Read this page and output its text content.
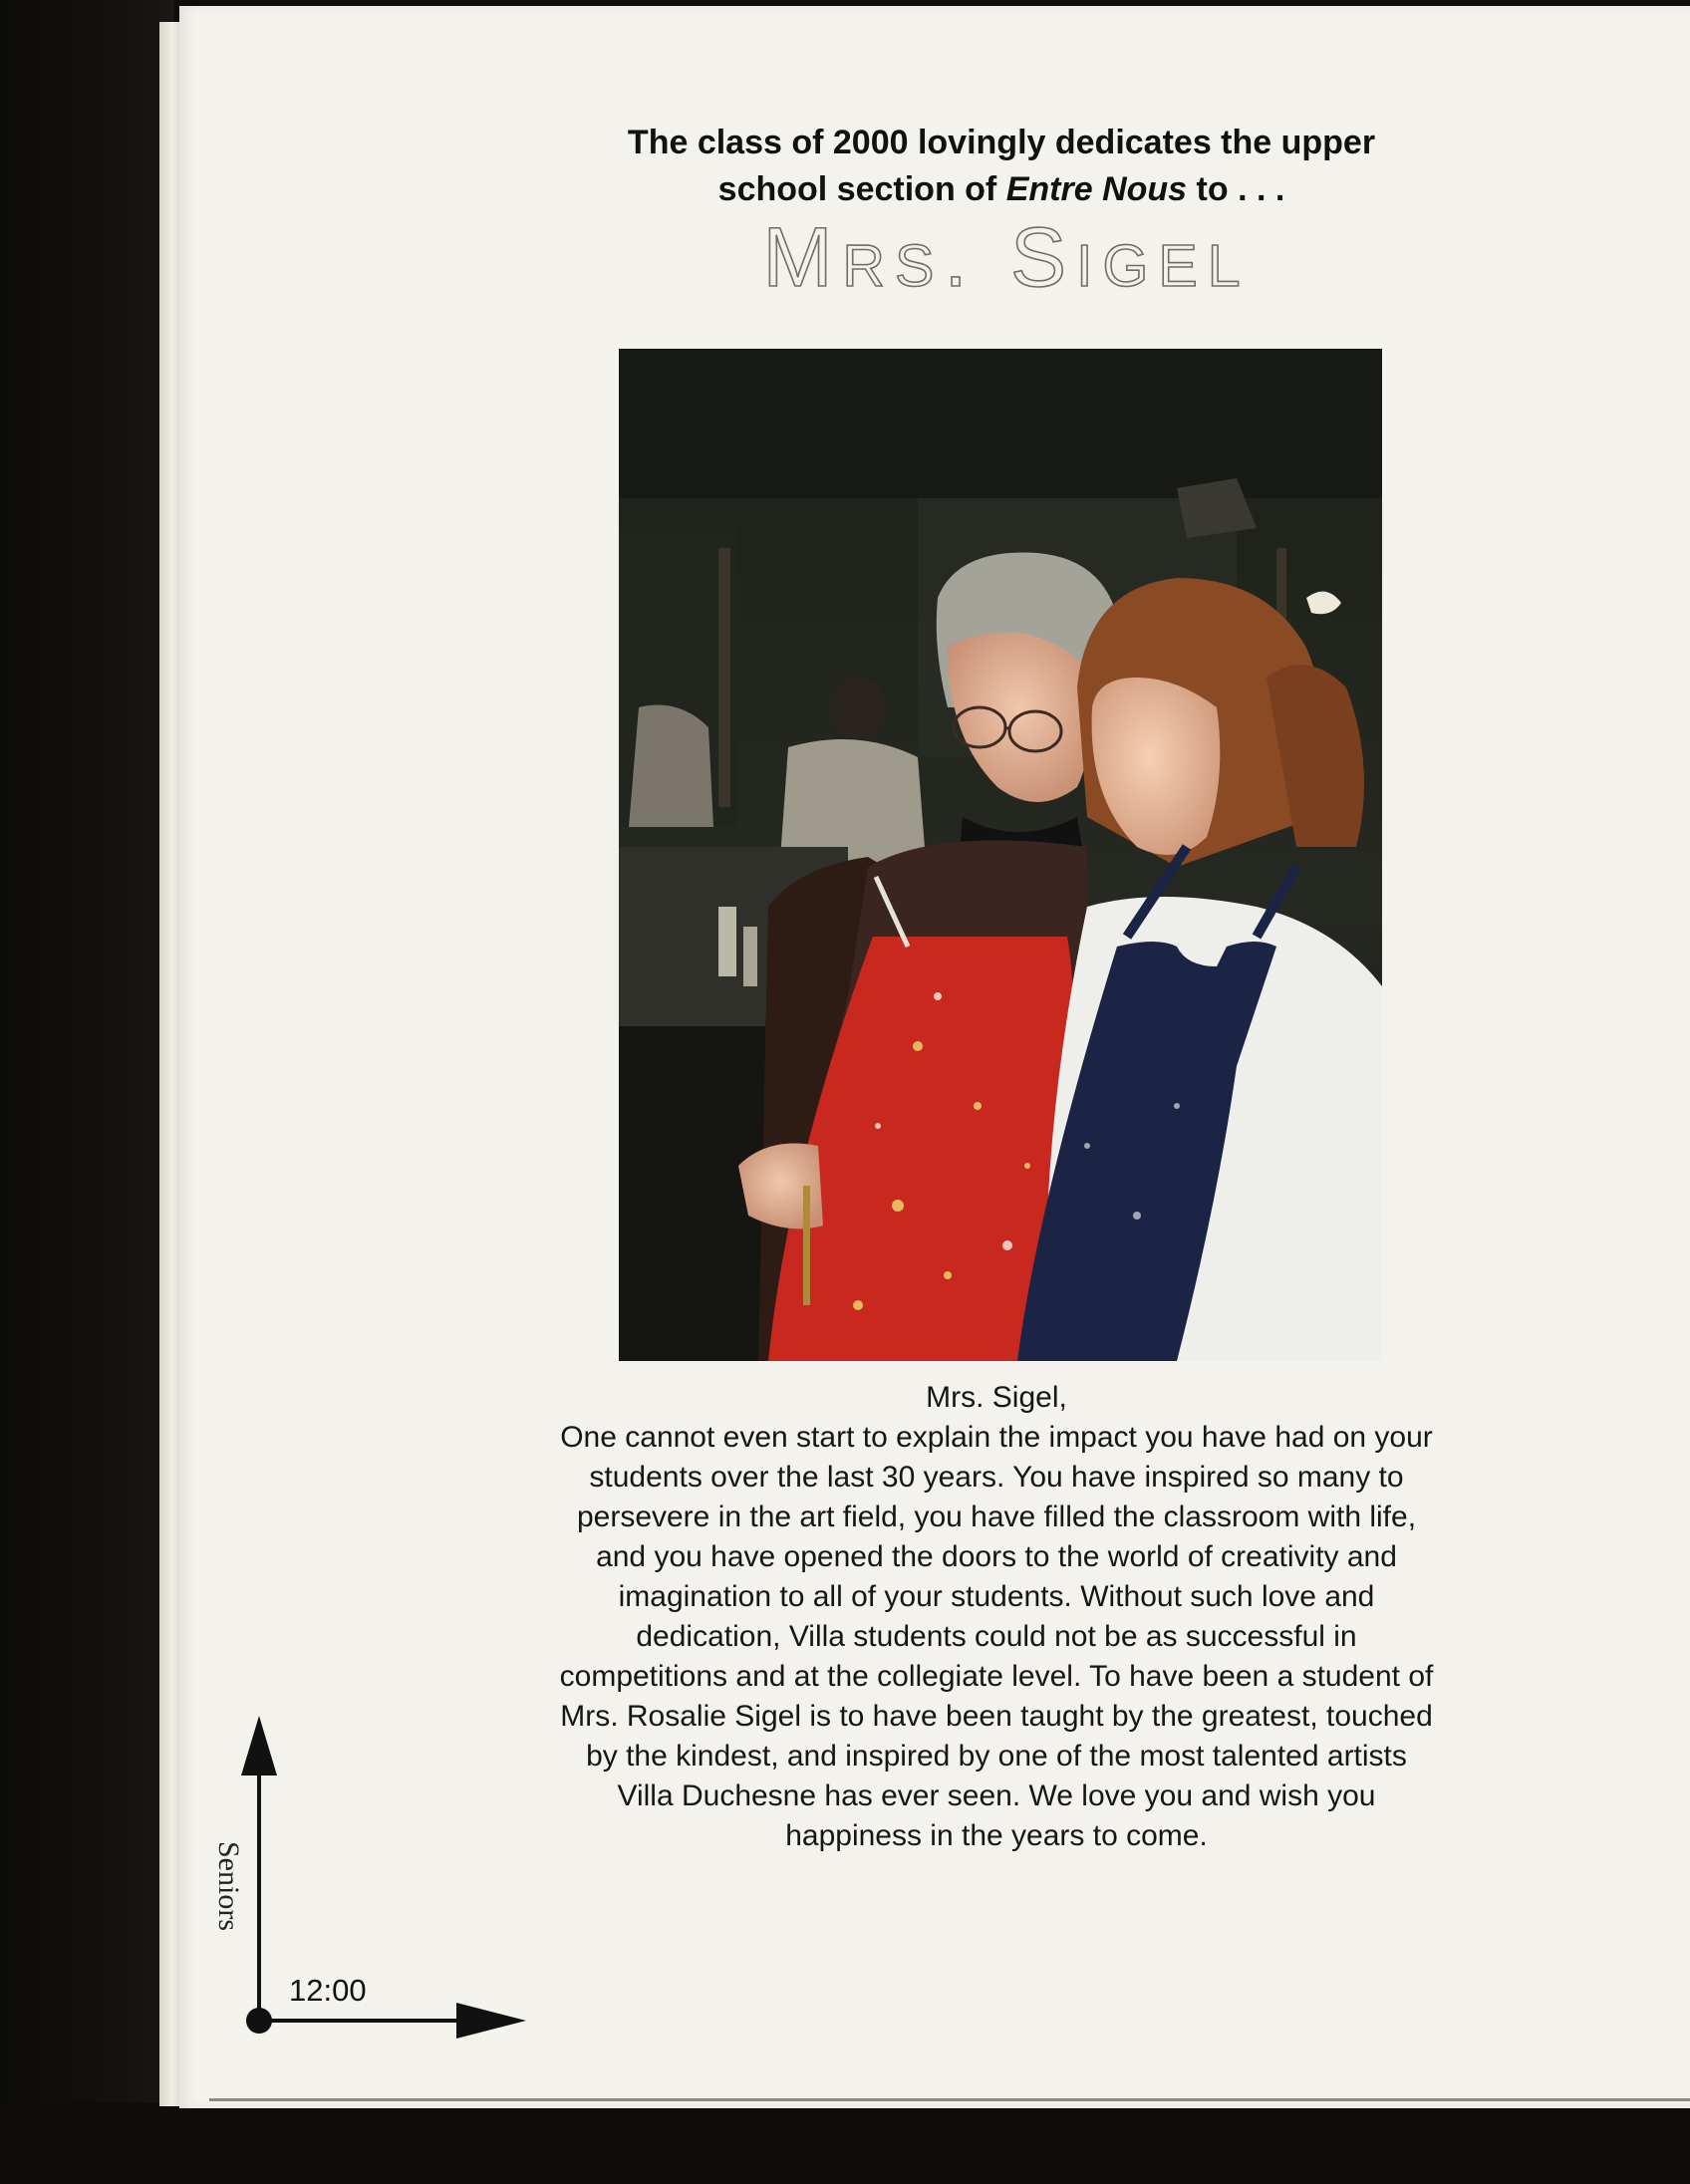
The class of 2000 lovingly dedicates the upper
school section of Entre Nous to . . .
Mrs. Sigel

Mrs. Sigel,

One cannot even start to explain the impact you have had on your students over the last 30 years. You have inspired so many to persevere in the art field, you have filled the classroom with life, and you have opened the doors to the world of creativity and imagination to all of your students. Without such love and dedication, Villa students could not be as successful in competitions and at the collegiate level. To have been a student of Mrs. Rosalie Sigel is to have been taught by the greatest, touched by the kindest, and inspired by one of the most talented artists Villa Duchesne has ever seen. We love you and wish you happiness in the years to come.

Seniors
12:00
